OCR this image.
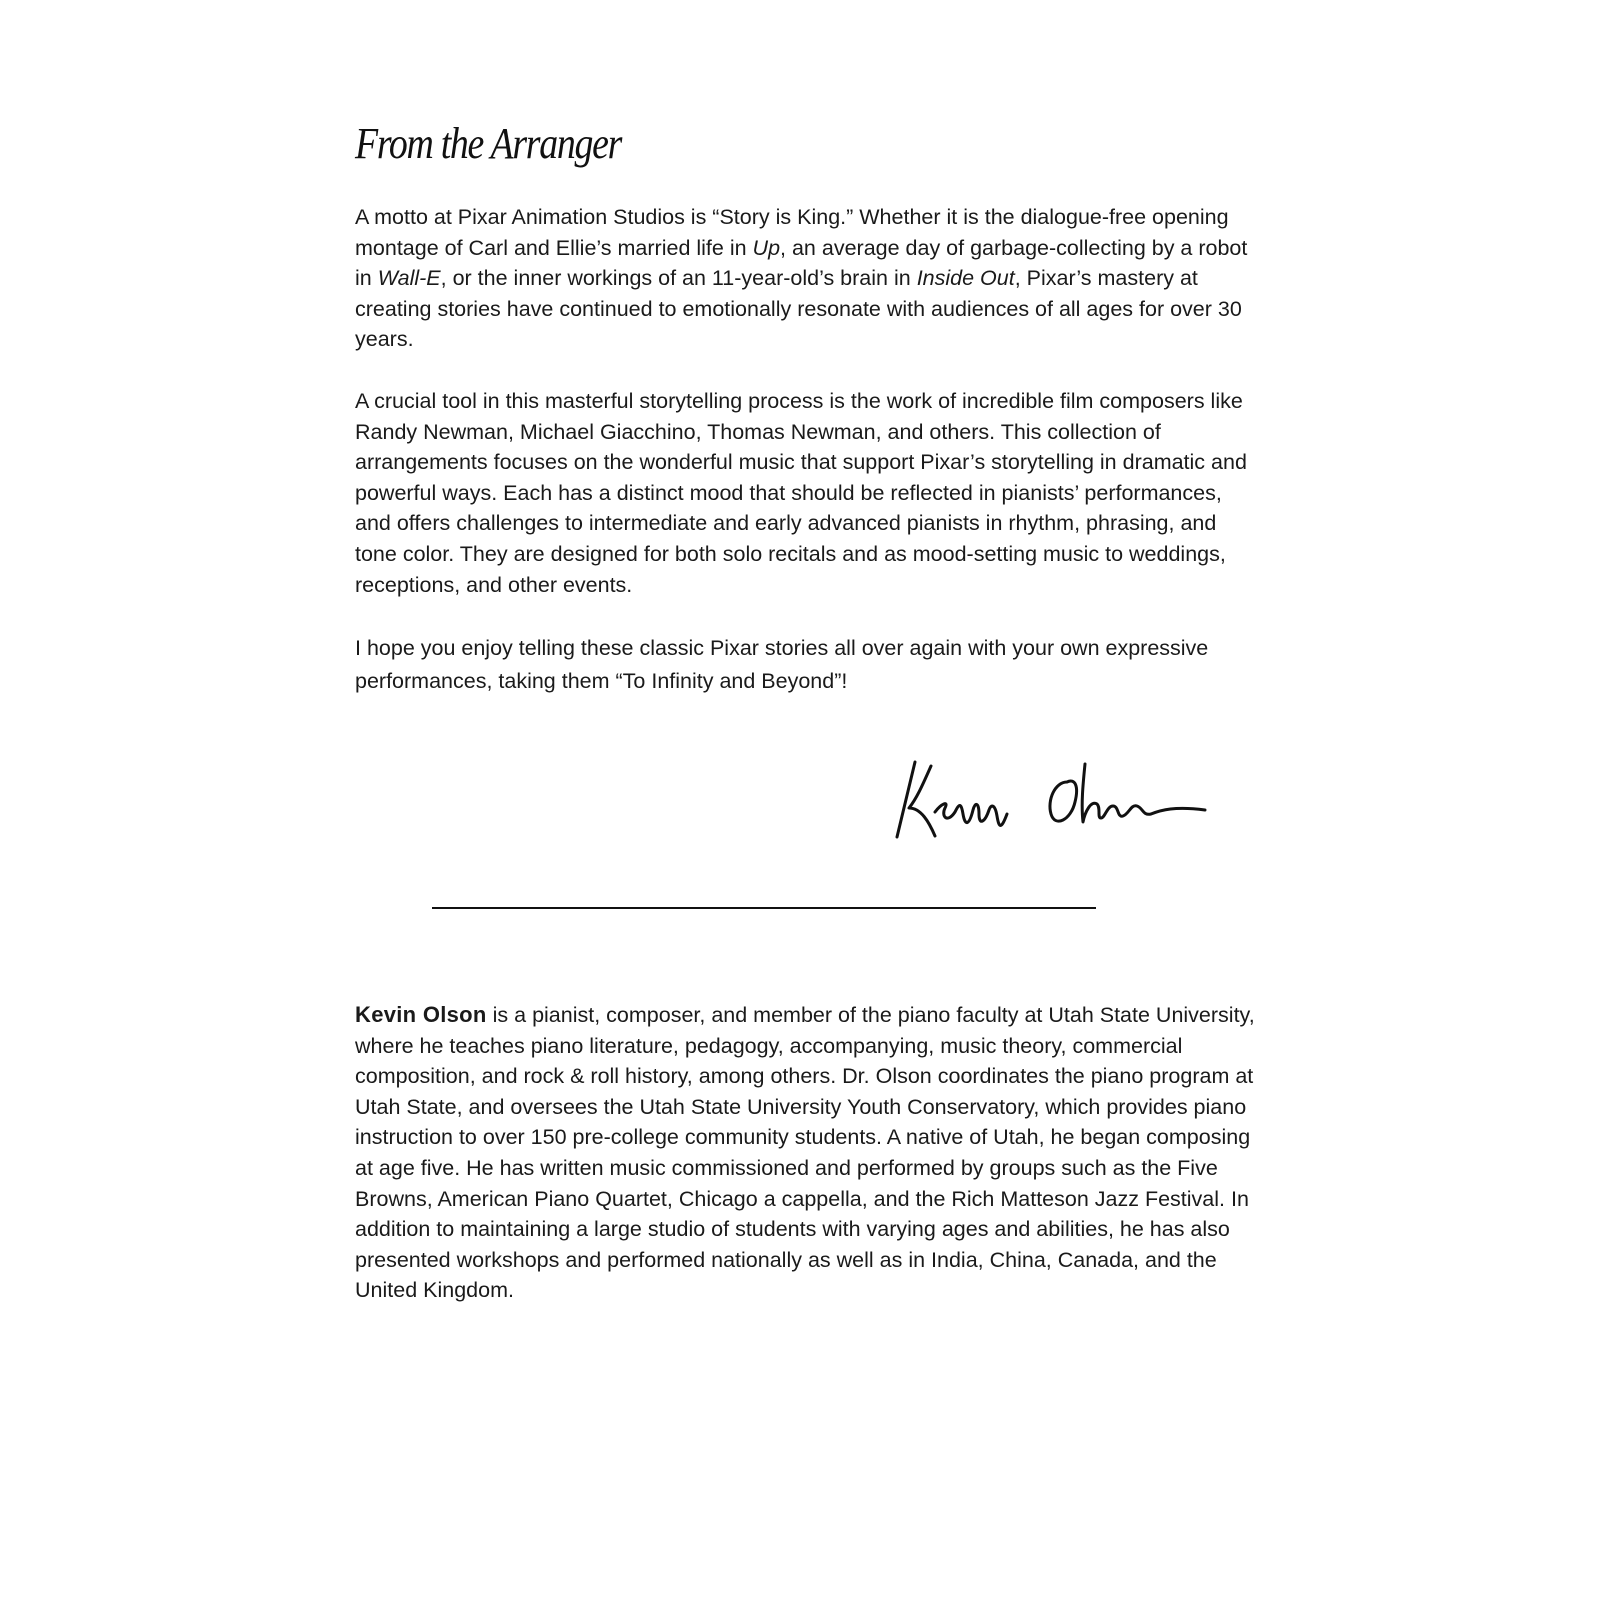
From the Arranger

A motto at Pixar Animation Studios is “Story is King.” Whether it is the dialogue-free opening montage of Carl and Ellie’s married life in Up, an average day of garbage-collecting by a robot in Wall-E, or the inner workings of an 11-year-old’s brain in Inside Out, Pixar’s mastery at creating stories have continued to emotionally resonate with audiences of all ages for over 30 years.

A crucial tool in this masterful storytelling process is the work of incredible film composers like Randy Newman, Michael Giacchino, Thomas Newman, and others. This collection of arrangements focuses on the wonderful music that support Pixar’s storytelling in dramatic and powerful ways. Each has a distinct mood that should be reflected in pianists’ performances, and offers challenges to intermediate and early advanced pianists in rhythm, phrasing, and tone color. They are designed for both solo recitals and as mood-setting music to weddings, receptions, and other events.

I hope you enjoy telling these classic Pixar stories all over again with your own expressive performances, taking them “To Infinity and Beyond”!

Kevin Olson is a pianist, composer, and member of the piano faculty at Utah State University, where he teaches piano literature, pedagogy, accompanying, music theory, commercial composition, and rock & roll history, among others. Dr. Olson coordinates the piano program at Utah State, and oversees the Utah State University Youth Conservatory, which provides piano instruction to over 150 pre-college community students. A native of Utah, he began composing at age five. He has written music commissioned and performed by groups such as the Five Browns, American Piano Quartet, Chicago a cappella, and the Rich Matteson Jazz Festival. In addition to maintaining a large studio of students with varying ages and abilities, he has also presented workshops and performed nationally as well as in India, China, Canada, and the United Kingdom.
